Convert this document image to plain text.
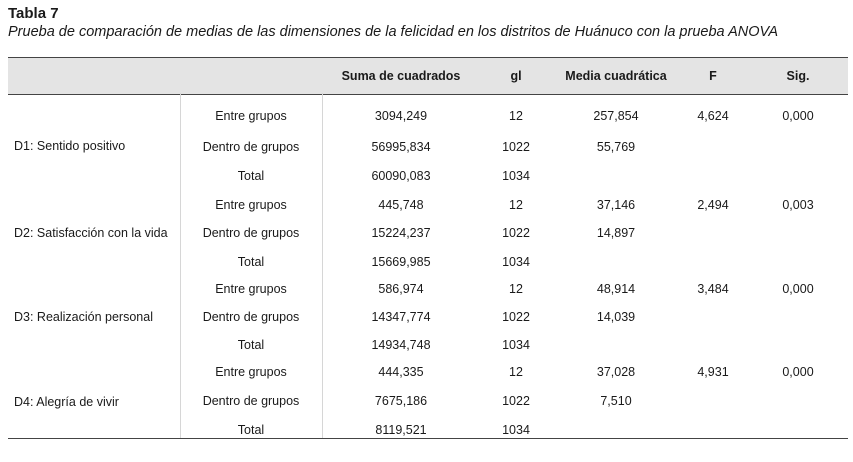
Tabla 7
Prueba de comparación de medias de las dimensiones de la felicidad en los distritos de Huánuco con la prueba ANOVA
Suma de cuadrados	gl	Media cuadrática	F	Sig.
D1: Sentido positivo
Entre grupos	3094,249	12	257,854	4,624	0,000
Dentro de grupos	56995,834	1022	55,769
Total	60090,083	1034
D2: Satisfacción con la vida
Entre grupos	445,748	12	37,146	2,494	0,003
Dentro de grupos	15224,237	1022	14,897
Total	15669,985	1034
D3: Realización personal
Entre grupos	586,974	12	48,914	3,484	0,000
Dentro de grupos	14347,774	1022	14,039
Total	14934,748	1034
D4: Alegría de vivir
Entre grupos	444,335	12	37,028	4,931	0,000
Dentro de grupos	7675,186	1022	7,510
Total	8119,521	1034
